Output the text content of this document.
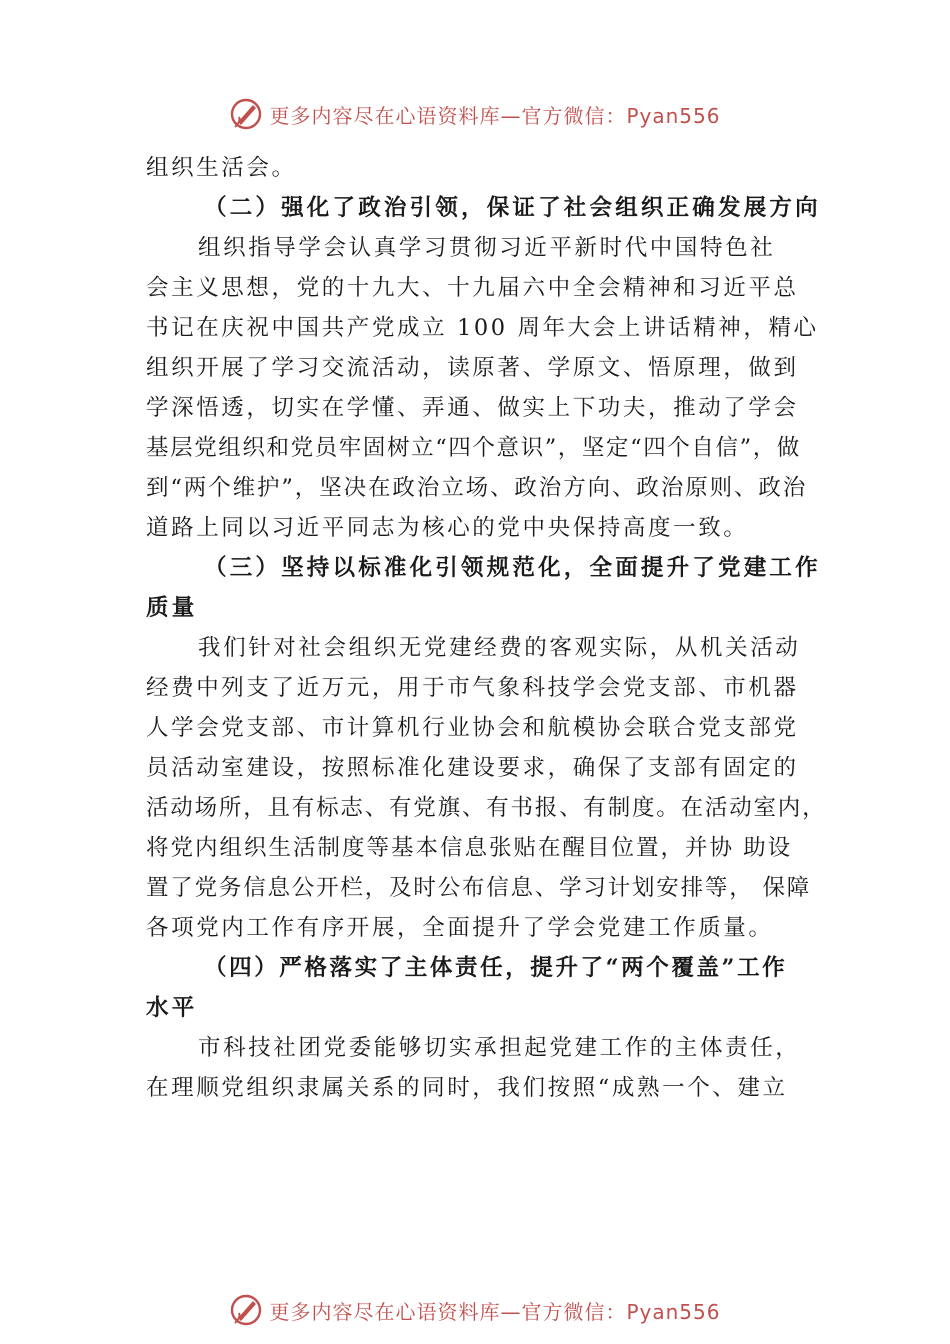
更多内容尽在心语资料库—官方微信：Pyan556
组织生活会。
（二）强化了政治引领，保证了社会组织正确发展方向
组织指导学会认真学习贯彻习近平新时代中国特色社
会主义思想，党的十九大、十九届六中全会精神和习近平总
书记在庆祝中国共产党成立 100 周年大会上讲话精神，精心
组织开展了学习交流活动，读原著、学原文、悟原理，做到
学深悟透，切实在学懂、弄通、做实上下功夫，推动了学会
基层党组织和党员牢固树立“四个意识”，坚定“四个自信”，做
到“两个维护”，坚决在政治立场、政治方向、政治原则、政治
道路上同以习近平同志为核心的党中央保持高度一致。
（三）坚持以标准化引领规范化，全面提升了党建工作
质量
我们针对社会组织无党建经费的客观实际，从机关活动
经费中列支了近万元，用于市气象科技学会党支部、市机器
人学会党支部、市计算机行业协会和航模协会联合党支部党
员活动室建设，按照标准化建设要求，确保了支部有固定的
活动场所，且有标志、有党旗、有书报、有制度。在活动室内，
将党内组织生活制度等基本信息张贴在醒目位置，并协 助设
置了党务信息公开栏，及时公布信息、学习计划安排等， 保障
各项党内工作有序开展，全面提升了学会党建工作质量。
（四）严格落实了主体责任，提升了“两个覆盖”工作
水平
市科技社团党委能够切实承担起党建工作的主体责任，
在理顺党组织隶属关系的同时，我们按照“成熟一个、建立
更多内容尽在心语资料库—官方微信：Pyan556
